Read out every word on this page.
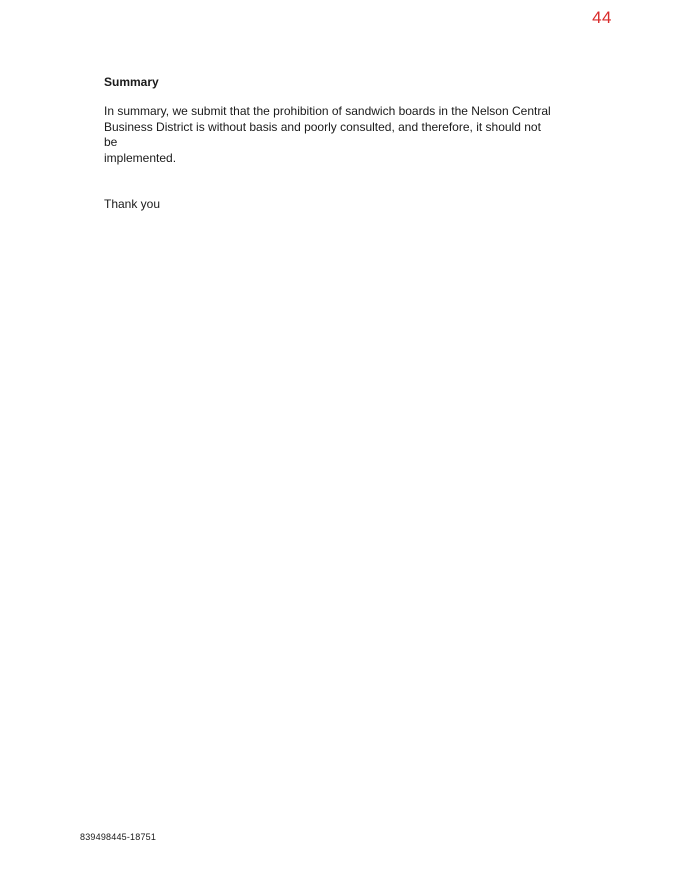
44
Summary
In summary, we submit that the prohibition of sandwich boards in the Nelson Central
Business District is without basis and poorly consulted, and therefore, it should not be
implemented.
Thank you
839498445-18751
